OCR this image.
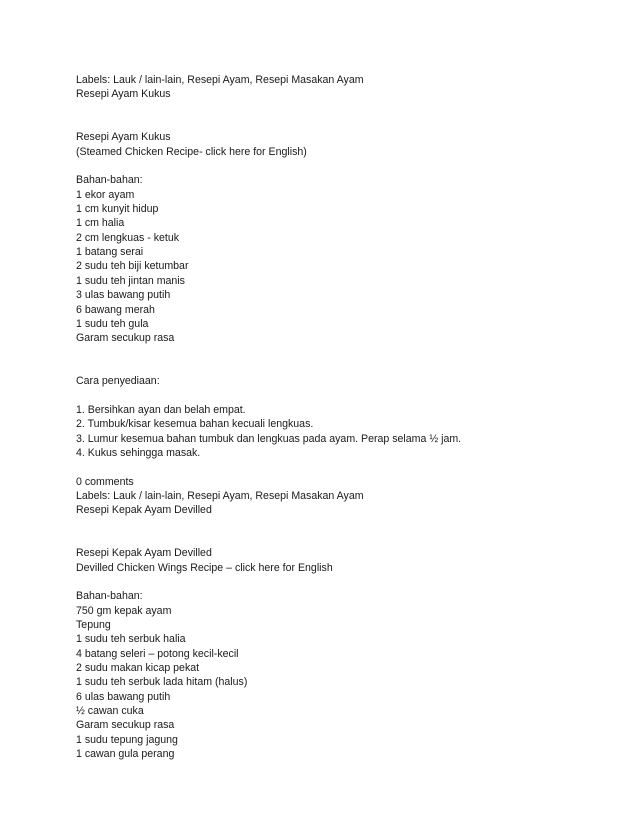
Labels: Lauk / lain-lain, Resepi Ayam, Resepi Masakan Ayam
Resepi Ayam Kukus
Resepi Ayam Kukus
(Steamed Chicken Recipe- click here for English)
Bahan-bahan:
1 ekor ayam
1 cm kunyit hidup
1 cm halia
2 cm lengkuas - ketuk
1 batang serai
2 sudu teh biji ketumbar
1 sudu teh jintan manis
3 ulas bawang putih
6 bawang merah
1 sudu teh gula
Garam secukup rasa
Cara penyediaan:
1. Bersihkan ayan dan belah empat.
2. Tumbuk/kisar kesemua bahan kecuali lengkuas.
3. Lumur kesemua bahan tumbuk dan lengkuas pada ayam. Perap selama ½ jam.
4. Kukus sehingga masak.
0 comments
Labels: Lauk / lain-lain, Resepi Ayam, Resepi Masakan Ayam
Resepi Kepak Ayam Devilled
Resepi Kepak Ayam Devilled
Devilled Chicken Wings Recipe – click here for English
Bahan-bahan:
750 gm kepak ayam
Tepung
1 sudu teh serbuk halia
4 batang seleri – potong kecil-kecil
2 sudu makan kicap pekat
1 sudu teh serbuk lada hitam (halus)
6 ulas bawang putih
½ cawan cuka
Garam secukup rasa
1 sudu tepung jagung
1 cawan gula perang
